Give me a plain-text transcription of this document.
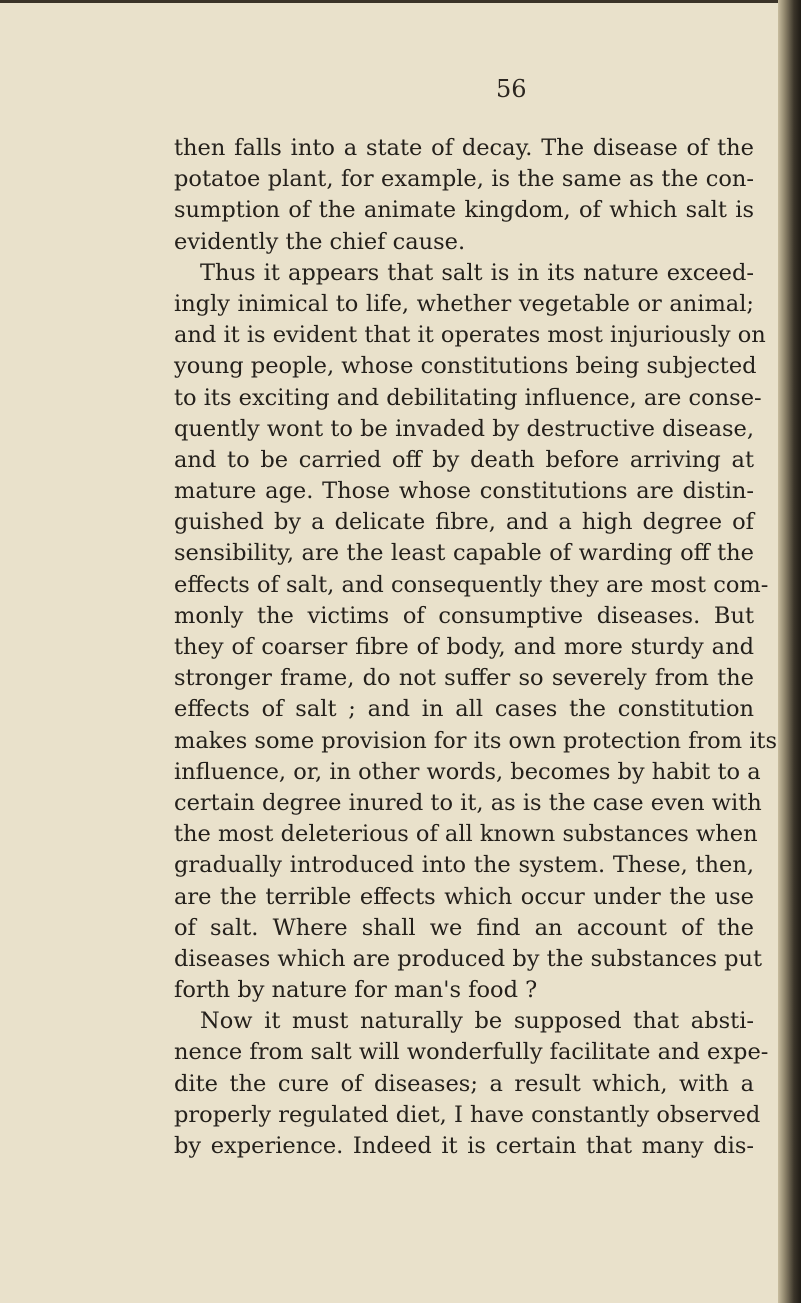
56

then falls into a state of decay. The disease of the
potatoe plant, for example, is the same as the con-
sumption of the animate kingdom, of which salt is
evidently the chief cause.
Thus it appears that salt is in its nature exceed-
ingly inimical to life, whether vegetable or animal;
and it is evident that it operates most injuriously on
young people, whose constitutions being subjected
to its exciting and debilitating influence, are conse-
quently wont to be invaded by destructive disease,
and to be carried off by death before arriving at
mature age. Those whose constitutions are distin-
guished by a delicate fibre, and a high degree of
sensibility, are the least capable of warding off the
effects of salt, and consequently they are most com-
monly the victims of consumptive diseases. But
they of coarser fibre of body, and more sturdy and
stronger frame, do not suffer so severely from the
effects of salt ; and in all cases the constitution
makes some provision for its own protection from its
influence, or, in other words, becomes by habit to a
certain degree inured to it, as is the case even with
the most deleterious of all known substances when
gradually introduced into the system. These, then,
are the terrible effects which occur under the use
of salt. Where shall we find an account of the
diseases which are produced by the substances put
forth by nature for man's food ?
Now it must naturally be supposed that absti-
nence from salt will wonderfully facilitate and expe-
dite the cure of diseases; a result which, with a
properly regulated diet, I have constantly observed
by experience. Indeed it is certain that many dis-
